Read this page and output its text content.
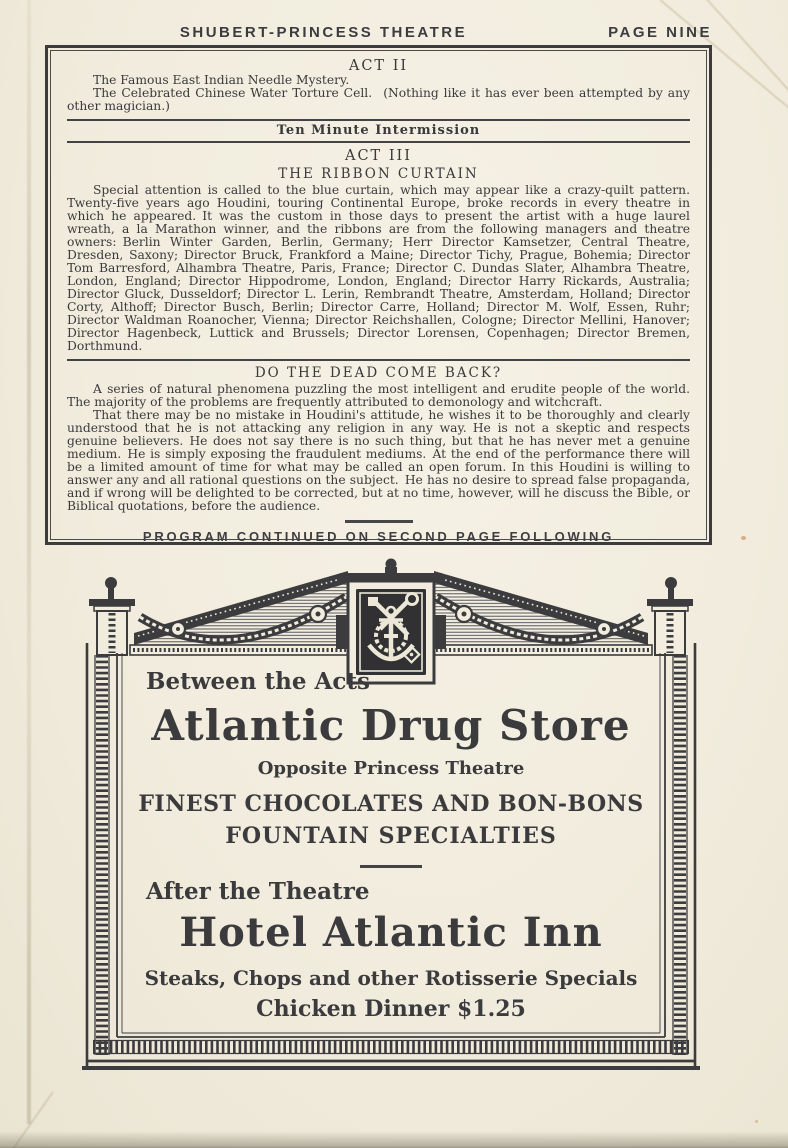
SHUBERT-PRINCESS THEATRE	PAGE NINE
ACT II
The Famous East Indian Needle Mystery.
The Celebrated Chinese Water Torture Cell.  (Nothing like it has ever been attempted by any other magician.)
Ten Minute Intermission
ACT III
THE RIBBON CURTAIN
Special attention is called to the blue curtain, which may appear like a crazy-quilt pattern. Twenty-five years ago Houdini, touring Continental Europe, broke records in every theatre in which he appeared. It was the custom in those days to present the artist with a huge laurel wreath, a la Marathon winner, and the ribbons are from the following managers and theatre owners: Berlin Winter Garden, Berlin, Germany; Herr Director Kamsetzer, Central Theatre, Dresden, Saxony; Director Bruck, Frankford a Maine; Director Tichy, Prague, Bohemia; Director Tom Barresford, Alhambra Theatre, Paris, France; Director C. Dundas Slater, Alhambra Theatre, London, England; Director Hippodrome, London, England; Director Harry Rickards, Australia; Director Gluck, Dusseldorf; Director L. Lerin, Rembrandt Theatre, Amsterdam, Holland; Director Corty, Althoff; Director Busch, Berlin; Director Carre, Holland; Director M. Wolf, Essen, Ruhr; Director Waldman Roanocher, Vienna; Director Reichshallen, Cologne; Director Mellini, Hanover; Director Hagenbeck, Luttick and Brussels; Director Lorensen, Copenhagen; Director Bremen, Dorthmund.
DO THE DEAD COME BACK?
A series of natural phenomena puzzling the most intelligent and erudite people of the world. The majority of the problems are frequently attributed to demonology and witchcraft.
That there may be no mistake in Houdini's attitude, he wishes it to be thoroughly and clearly understood that he is not attacking any religion in any way. He is not a skeptic and respects genuine believers. He does not say there is no such thing, but that he has never met a genuine medium. He is simply exposing the fraudulent mediums. At the end of the performance there will be a limited amount of time for what may be called an open forum. In this Houdini is willing to answer any and all rational questions on the subject. He has no desire to spread false propaganda, and if wrong will be delighted to be corrected, but at no time, however, will he discuss the Bible, or Biblical quotations, before the audience.
PROGRAM CONTINUED ON SECOND PAGE FOLLOWING
Between the Acts
Atlantic Drug Store
Opposite Princess Theatre
FINEST CHOCOLATES AND BON-BONS
FOUNTAIN SPECIALTIES
After the Theatre
Hotel Atlantic Inn
Steaks, Chops and other Rotisserie Specials
Chicken Dinner $1.25
